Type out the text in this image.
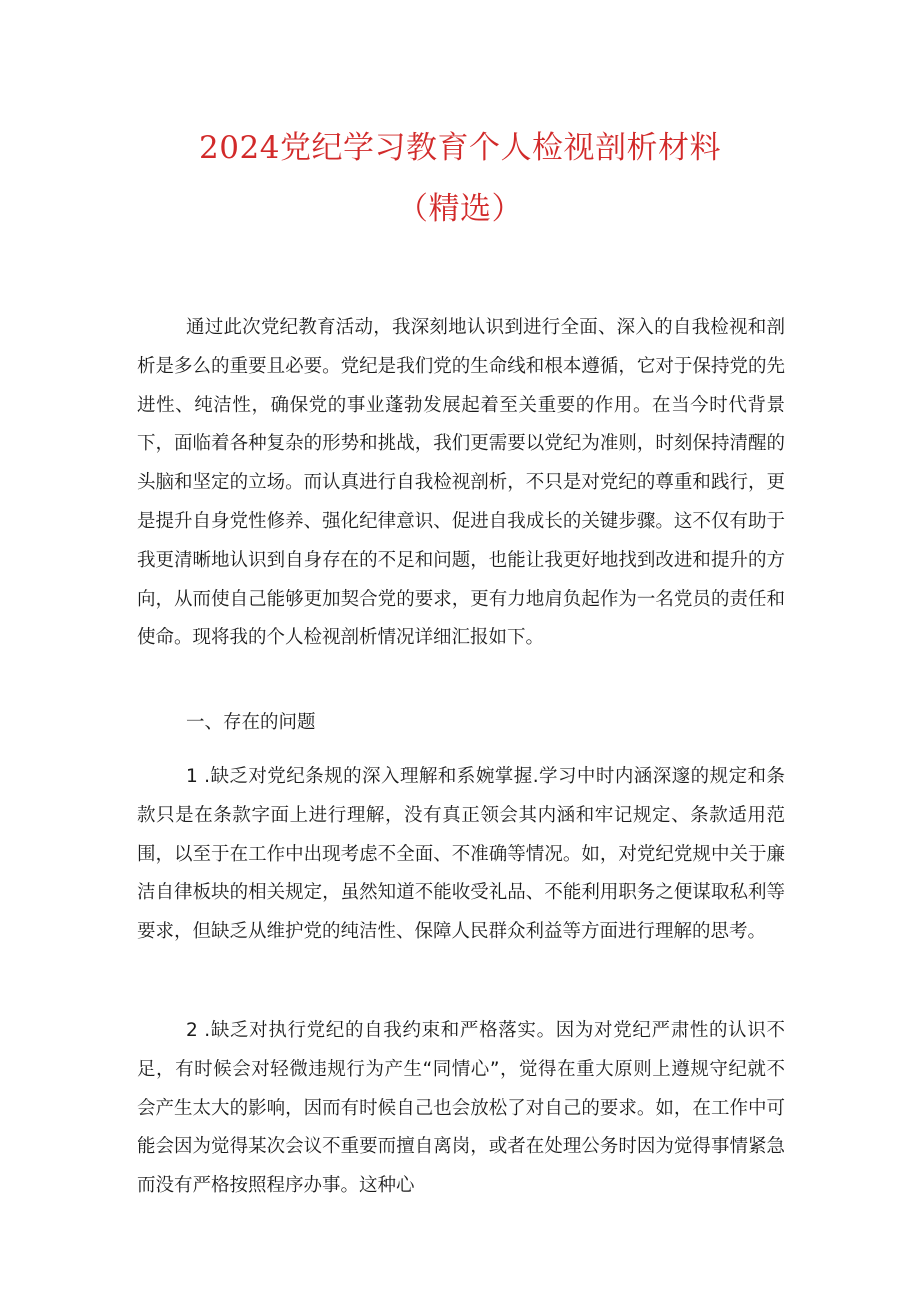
2024党纪学习教育个人检视剖析材料
（精选）

通过此次党纪教育活动，我深刻地认识到进行全面、深入的自我检视和剖析是多么的重要且必要。党纪是我们党的生命线和根本遵循，它对于保持党的先进性、纯洁性，确保党的事业蓬勃发展起着至关重要的作用。在当今时代背景下，面临着各种复杂的形势和挑战，我们更需要以党纪为准则，时刻保持清醒的头脑和坚定的立场。而认真进行自我检视剖析，不只是对党纪的尊重和践行，更是提升自身党性修养、强化纪律意识、促进自我成长的关键步骤。这不仅有助于我更清晰地认识到自身存在的不足和问题，也能让我更好地找到改进和提升的方向，从而使自己能够更加契合党的要求，更有力地肩负起作为一名党员的责任和使命。现将我的个人检视剖析情况详细汇报如下。

一、存在的问题

1 .缺乏对党纪条规的深入理解和系婉掌握.学习中时内涵深邃的规定和条款只是在条款字面上进行理解，没有真正领会其内涵和牢记规定、条款适用范围，以至于在工作中出现考虑不全面、不准确等情况。如，对党纪党规中关于廉洁自律板块的相关规定，虽然知道不能收受礼品、不能利用职务之便谋取私利等要求，但缺乏从维护党的纯洁性、保障人民群众利益等方面进行理解的思考。

2 .缺乏对执行党纪的自我约束和严格落实。因为对党纪严肃性的认识不足，有时候会对轻微违规行为产生“同情心”，觉得在重大原则上遵规守纪就不会产生太大的影响，因而有时候自己也会放松了对自己的要求。如，在工作中可能会因为觉得某次会议不重要而擅自离岗，或者在处理公务时因为觉得事情紧急而没有严格按照程序办事。这种心
